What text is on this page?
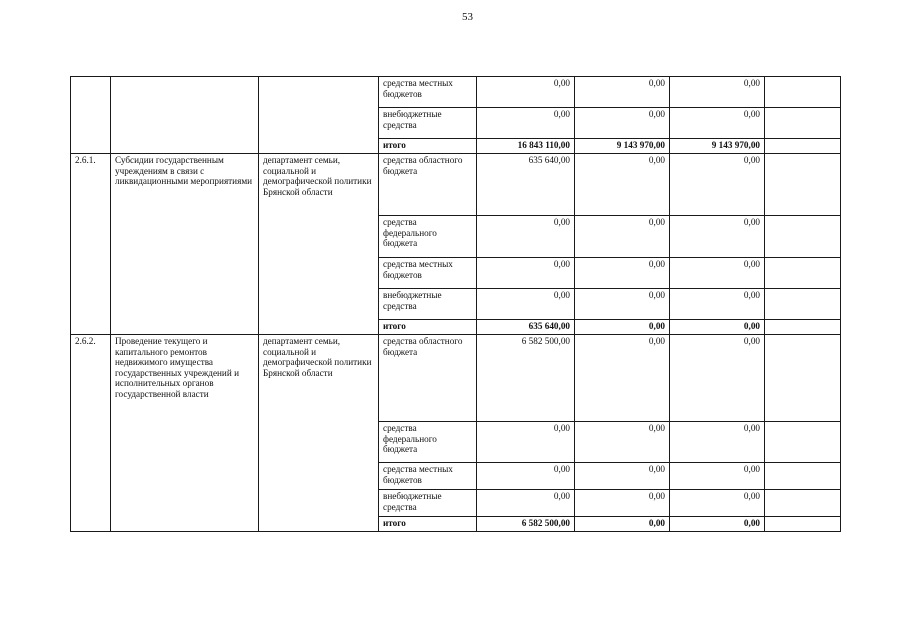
53
			средства местных бюджетов	0,00	0,00	0,00	
			внебюджетные средства	0,00	0,00	0,00	
			итого	16 843 110,00	9 143 970,00	9 143 970,00	
2.6.1.	Субсидии государственным учреждениям в связи с ликвидационными мероприятиями	департамент семьи, социальной и демографической политики Брянской области	средства областного бюджета	635 640,00	0,00	0,00	
			средства федерального бюджета	0,00	0,00	0,00	
			средства местных бюджетов	0,00	0,00	0,00	
			внебюджетные средства	0,00	0,00	0,00	
			итого	635 640,00	0,00	0,00	
2.6.2.	Проведение текущего и капитального ремонтов недвижимого имущества государственных учреждений и исполнительных органов государственной власти	департамент семьи, социальной и демографической политики Брянской области	средства областного бюджета	6 582 500,00	0,00	0,00	
			средства федерального бюджета	0,00	0,00	0,00	
			средства местных бюджетов	0,00	0,00	0,00	
			внебюджетные средства	0,00	0,00	0,00	
			итого	6 582 500,00	0,00	0,00	
